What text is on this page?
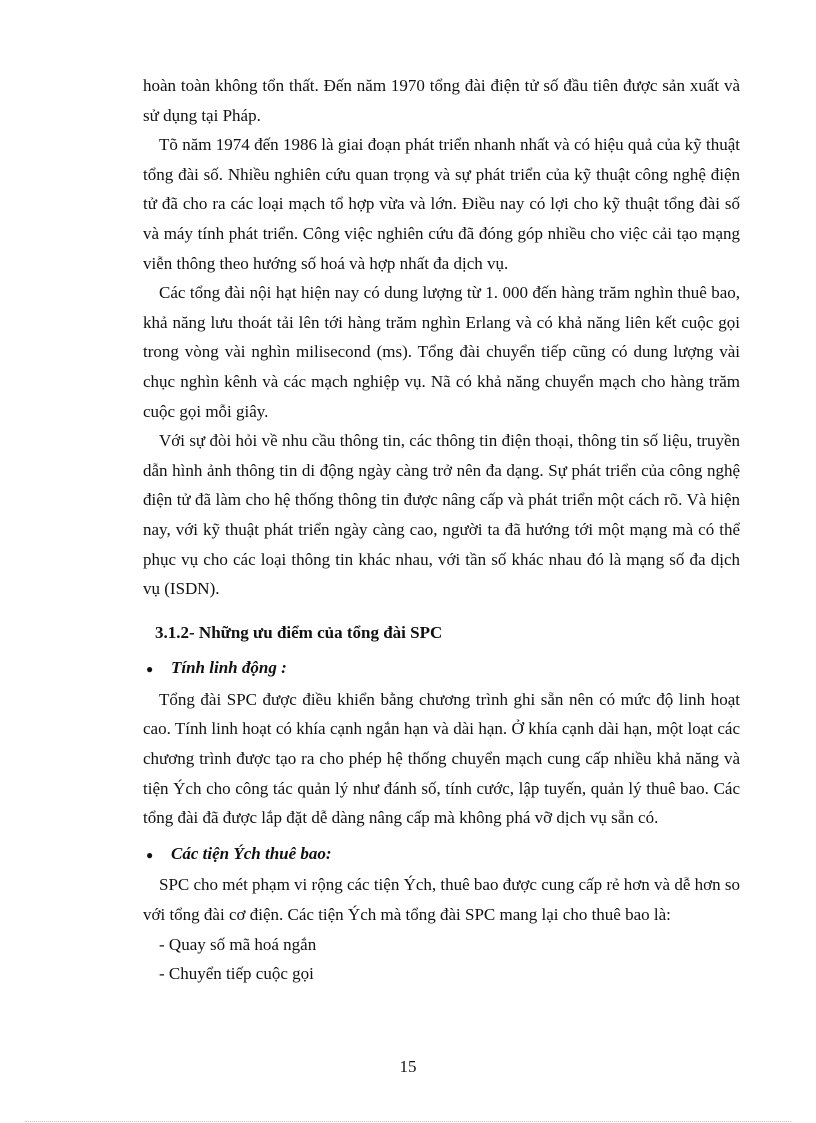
hoàn toàn không tổn thất. Đến năm 1970 tổng đài điện tử số đầu tiên được sản xuất và sử dụng tại Pháp.

Tõ năm 1974 đến 1986 là giai đoạn phát triển nhanh nhất và có hiệu quả của kỹ thuật tổng đài số. Nhiều nghiên cứu quan trọng và sự phát triển của kỹ thuật công nghệ điện tử đã cho ra các loại mạch tổ hợp vừa và lớn. Điều nay có lợi cho kỹ thuật tổng đài số và máy tính phát triển. Công việc nghiên cứu đã đóng góp nhiều cho việc cải tạo mạng viễn thông theo hướng số hoá và hợp nhất đa dịch vụ.

Các tổng đài nội hạt hiện nay có dung lượng từ 1. 000 đến hàng trăm nghìn thuê bao, khả năng lưu thoát tải lên tới hàng trăm nghìn Erlang và có khả năng liên kết cuộc gọi trong vòng vài nghìn milisecond (ms). Tổng đài chuyển tiếp cũng có dung lượng vài chục nghìn kênh và các mạch nghiệp vụ. Nã có khả năng chuyển mạch cho hàng trăm cuộc gọi mỗi giây.

Với sự đòi hỏi về nhu cầu thông tin, các thông tin điện thoại, thông tin số liệu, truyền dẫn hình ảnh thông tin di động ngày càng trở nên đa dạng. Sự phát triển của công nghệ điện tử đã làm cho hệ thống thông tin được nâng cấp và phát triển một cách rõ. Và hiện nay, với kỹ thuật phát triển ngày càng cao, người ta đã hướng tới một mạng mà có thể phục vụ cho các loại thông tin khác nhau, với tần số khác nhau đó là mạng số đa dịch vụ (ISDN).

3.1.2- Những ưu điểm của tổng đài SPC
●	Tính linh động :

Tổng đài SPC được điều khiển bằng chương trình ghi sẵn nên có mức độ linh hoạt cao. Tính linh hoạt có khía cạnh ngắn hạn và dài hạn. Ở khía cạnh dài hạn, một loạt các chương trình được tạo ra cho phép hệ thống chuyển mạch cung cấp nhiều khả năng và tiện Ých cho công tác quản lý như đánh số, tính cước, lập tuyến, quản lý thuê bao. Các tổng đài đã được lắp đặt dễ dàng nâng cấp mà không phá vỡ dịch vụ sẵn có.

●	Các tiện Ých thuê bao:

SPC cho mét phạm vi rộng các tiện Ých, thuê bao được cung cấp rẻ hơn và dễ hơn so với tổng đài cơ điện. Các tiện Ých mà tổng đài SPC mang lại cho thuê bao là:

- Quay số mã hoá ngắn
- Chuyển tiếp cuộc gọi
15
